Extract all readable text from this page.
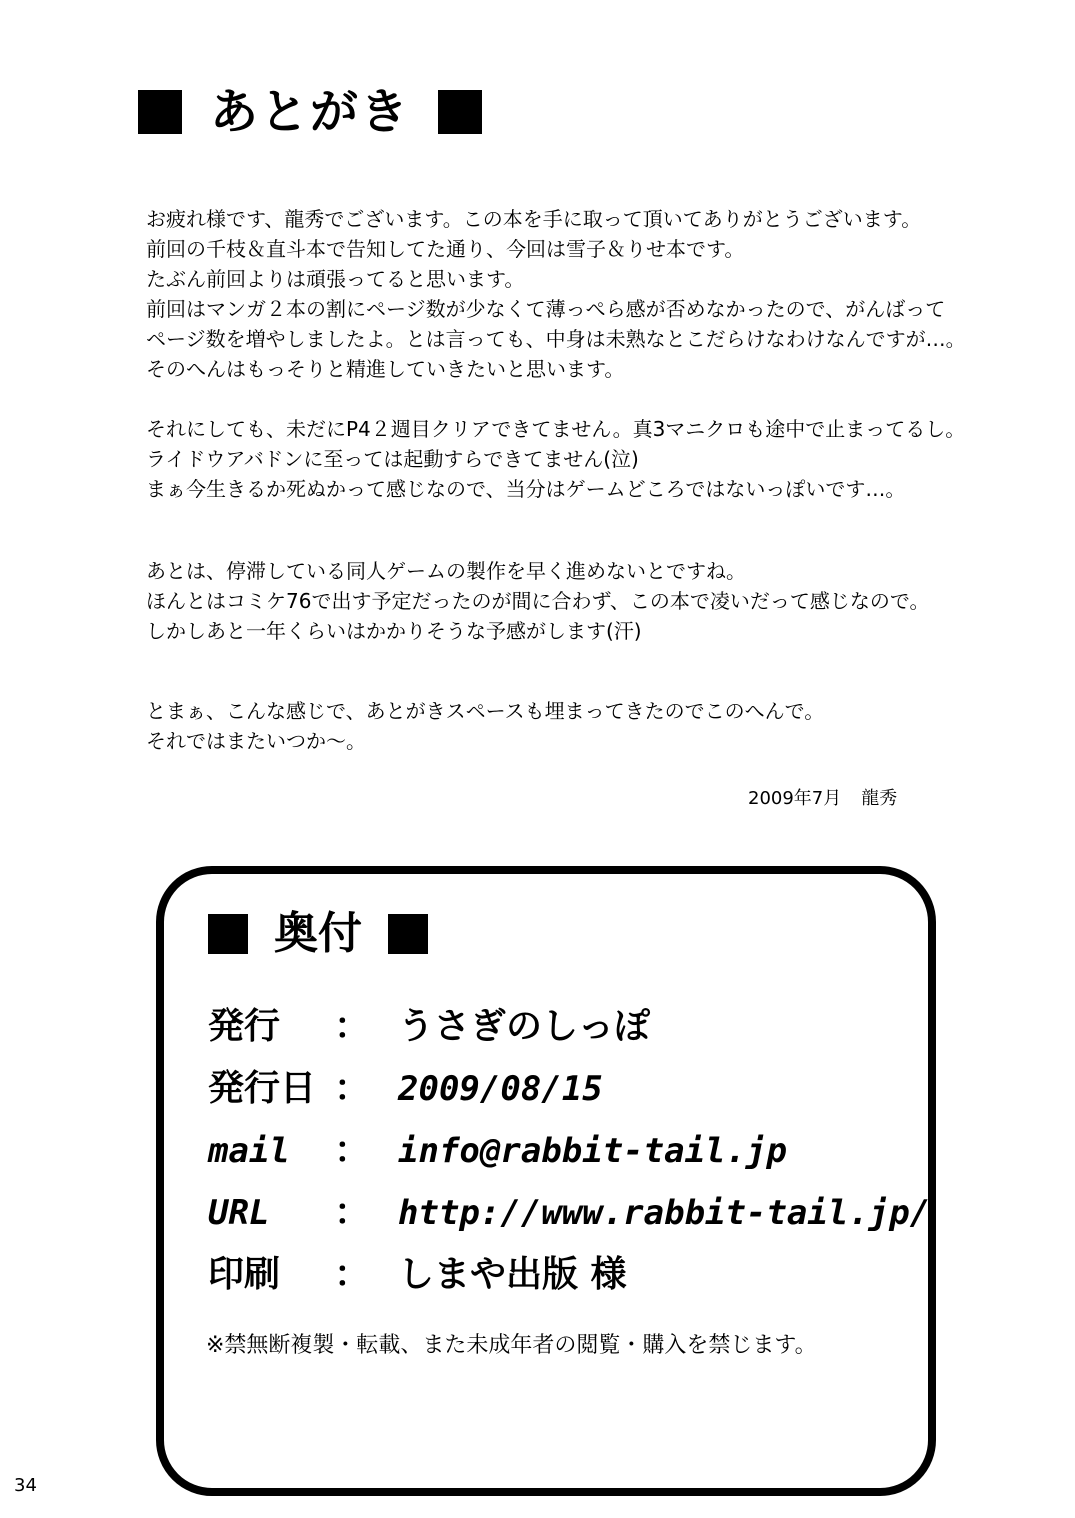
あとがき
お疲れ様です、龍秀でございます。この本を手に取って頂いてありがとうございます。
前回の千枝＆直斗本で告知してた通り、今回は雪子＆りせ本です。
たぶん前回よりは頑張ってると思います。
前回はマンガ２本の割にページ数が少なくて薄っぺら感が否めなかったので、がんばって
ページ数を増やしましたよ。とは言っても、中身は未熟なとこだらけなわけなんですが…。
そのへんはもっそりと精進していきたいと思います。
それにしても、未だにP4２週目クリアできてません。真3マニクロも途中で止まってるし。
ライドウアバドンに至っては起動すらできてません(泣)
まぁ今生きるか死ぬかって感じなので、当分はゲームどころではないっぽいです…。
あとは、停滞している同人ゲームの製作を早く進めないとですね。
ほんとはコミケ76で出す予定だったのが間に合わず、この本で凌いだって感じなので。
しかしあと一年くらいはかかりそうな予感がします(汗)
とまぁ、こんな感じで、あとがきスペースも埋まってきたのでこのへんで。
それではまたいつか～。
2009年7月 龍秀
奥付
発行 ： うさぎのしっぽ
発行日 ： 2009/08/15
mail ： info@rabbit-tail.jp
URL ： http://www.rabbit-tail.jp/
印刷 ： しまや出版 様
※禁無断複製・転載、また未成年者の閲覧・購入を禁じます。
34
